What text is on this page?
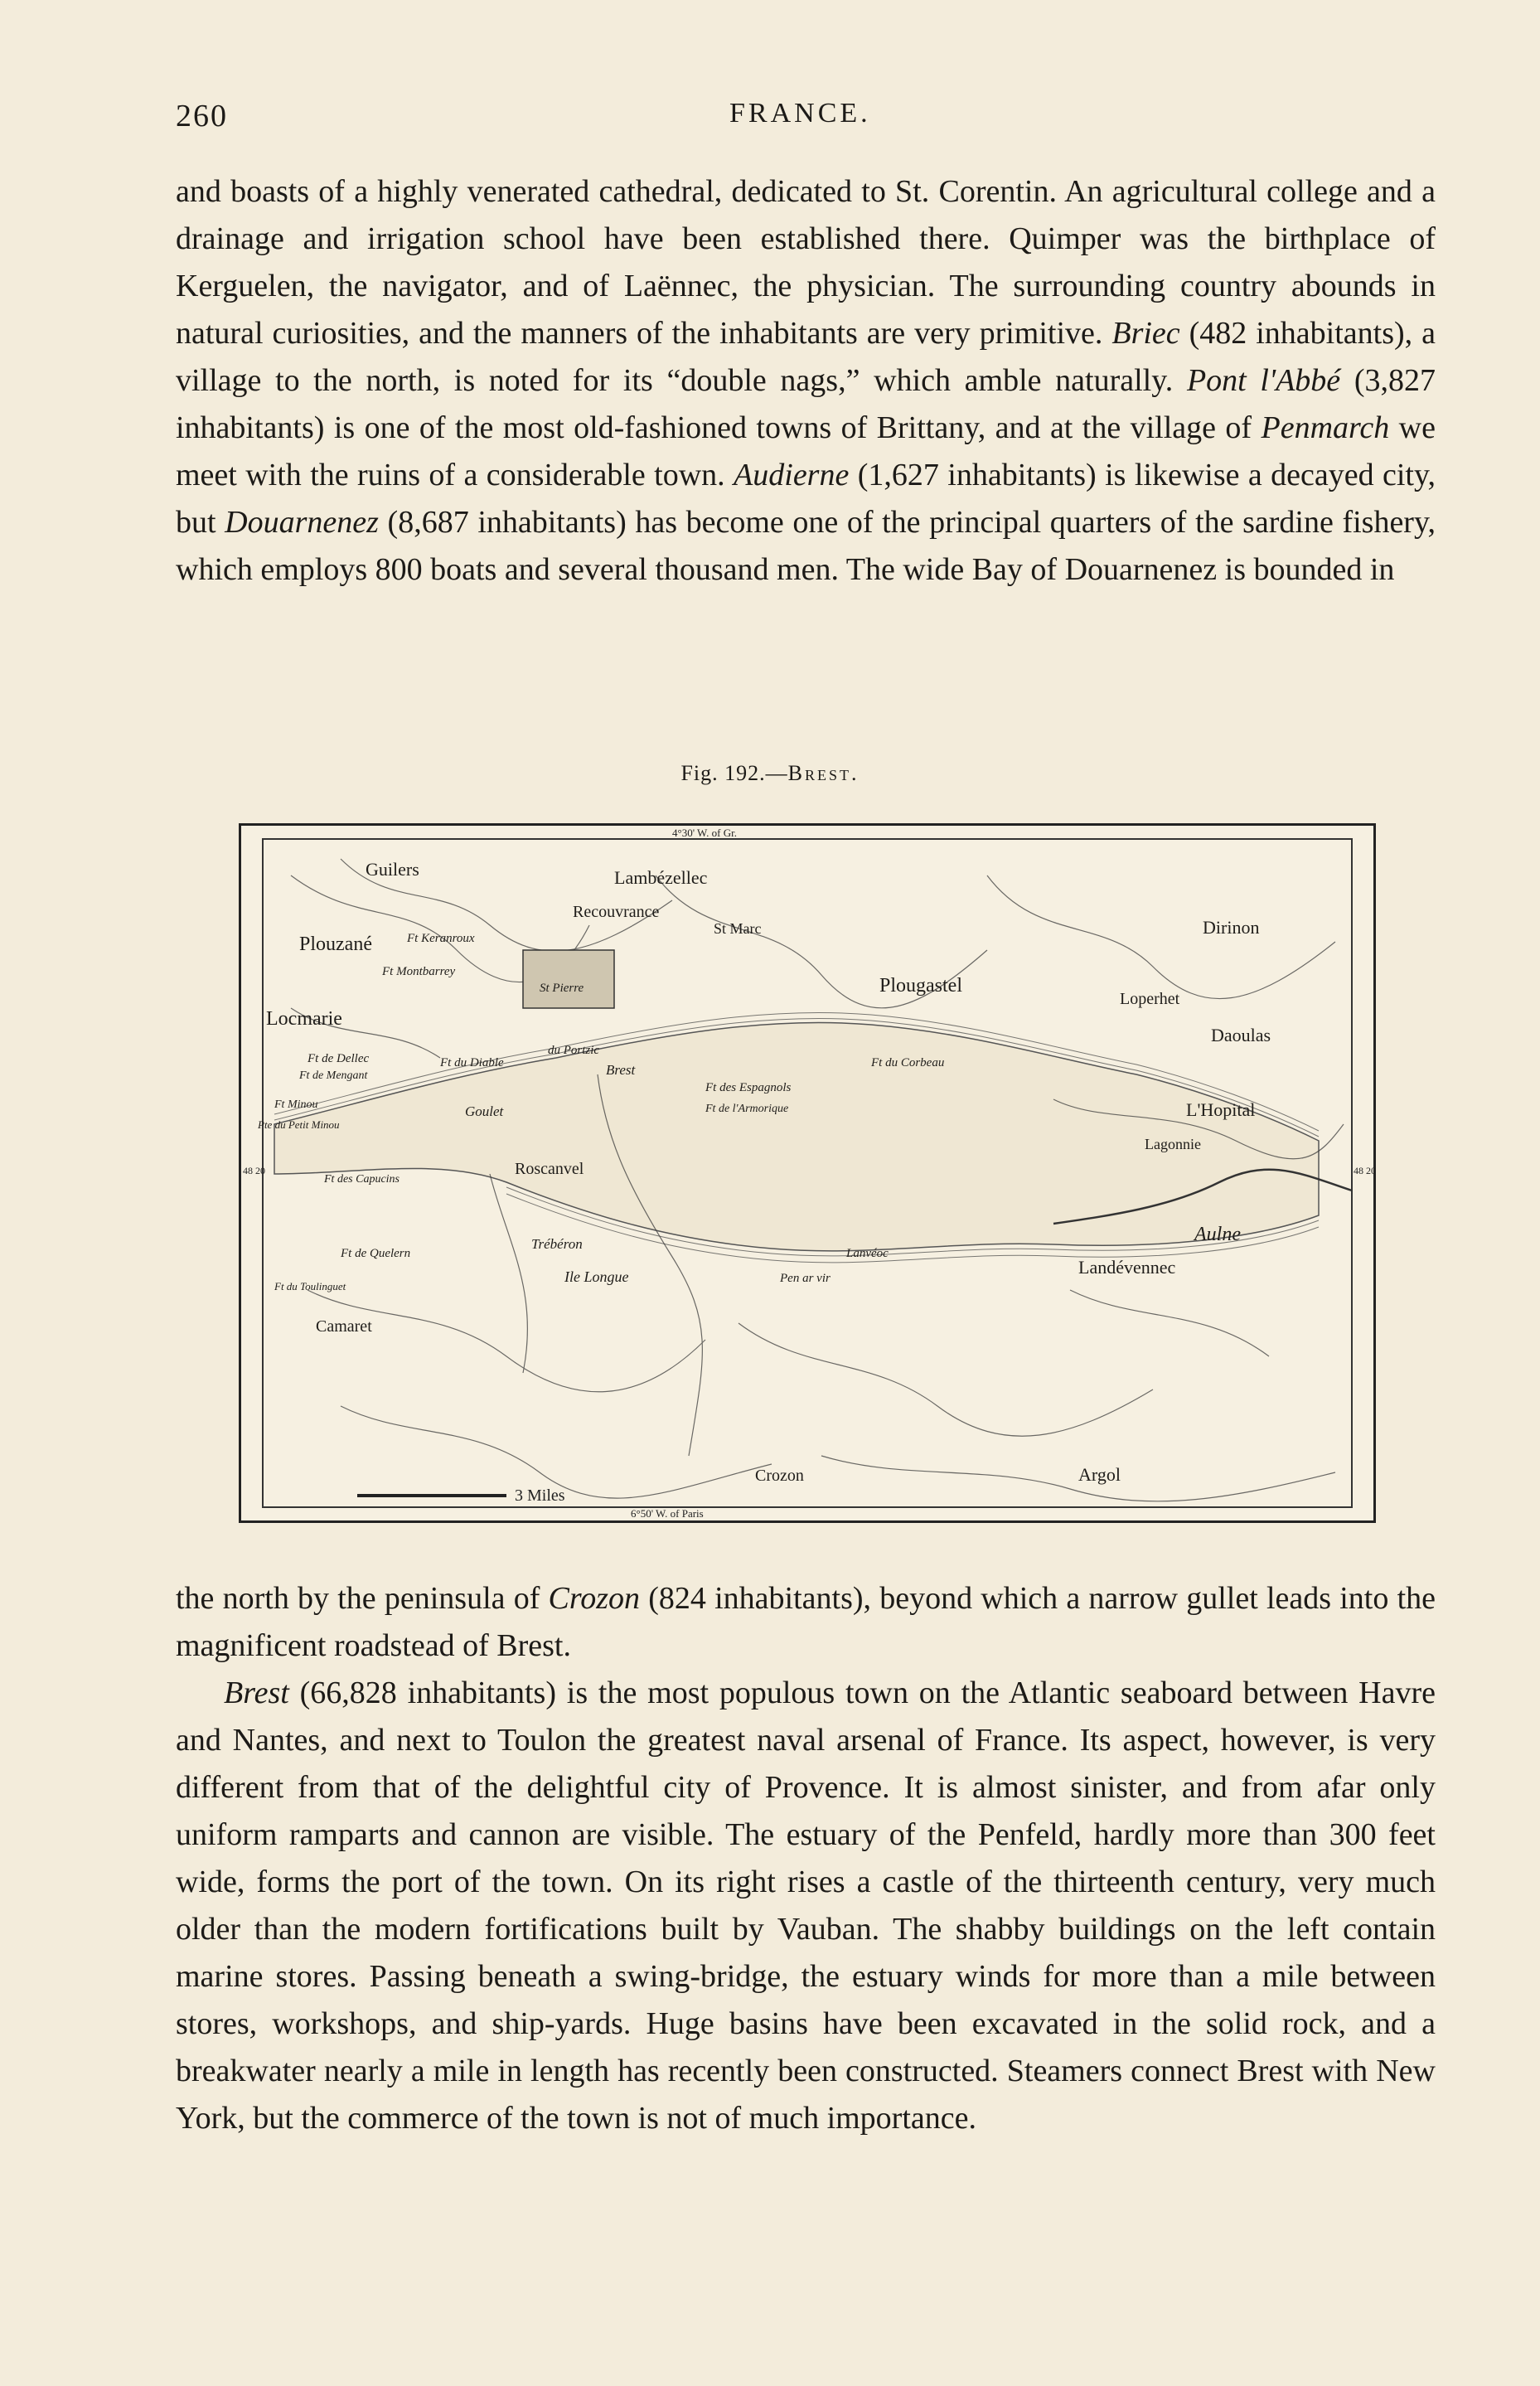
260	FRANCE.

and boasts of a highly venerated cathedral, dedicated to St. Corentin. An agricultural college and a drainage and irrigation school have been established there. Quimper was the birthplace of Kerguelen, the navigator, and of Laënnec, the physician. The surrounding country abounds in natural curiosities, and the manners of the inhabitants are very primitive. Briec (482 inhabitants), a village to the north, is noted for its “double nags,” which amble naturally. Pont l'Abbé (3,827 inhabitants) is one of the most old-fashioned towns of Brittany, and at the village of Penmarch we meet with the ruins of a considerable town. Audierne (1,627 inhabitants) is likewise a decayed city, but Douarnenez (8,687 inhabitants) has become one of the principal quarters of the sardine fishery, which employs 800 boats and several thousand men. The wide Bay of Douarnenez is bounded in

Fig. 192.—Brest.
4°30' W. of Gr.
6°50' W. of Paris
48 20	48 20
3 Miles
Guilers	Lambézellec
St Marc
Recouvrance
Plouzané	Ft Keranroux
Ft Montbarrey
St Pierre
Locmarie
Brest
du Portzic
Ft de Dellec
Ft de Mengant
Ft du Diable	Ft du Corbeau
Plougastel
Dirinon
Loperhet
Daoulas
Ft des Espagnols
Ft de l'Armorique
Goulet
Ft Minou
Pte du Petit Minou
Ft des Capucins
Roscanvel
L'Hopital
Lagonnie
Trébéron
Ile Longue	Pen ar vir
Lanvéoc
Ft de Quelern
Aulne
Ft du Toulinguet
Landévennec
Camaret
Crozon	Argol

the north by the peninsula of Crozon (824 inhabitants), beyond which a narrow gullet leads into the magnificent roadstead of Brest.

Brest (66,828 inhabitants) is the most populous town on the Atlantic seaboard between Havre and Nantes, and next to Toulon the greatest naval arsenal of France. Its aspect, however, is very different from that of the delightful city of Provence. It is almost sinister, and from afar only uniform ramparts and cannon are visible. The estuary of the Penfeld, hardly more than 300 feet wide, forms the port of the town. On its right rises a castle of the thirteenth century, very much older than the modern fortifications built by Vauban. The shabby buildings on the left contain marine stores. Passing beneath a swing-bridge, the estuary winds for more than a mile between stores, workshops, and ship-yards. Huge basins have been excavated in the solid rock, and a breakwater nearly a mile in length has recently been constructed. Steamers connect Brest with New York, but the commerce of the town is not of much importance.
